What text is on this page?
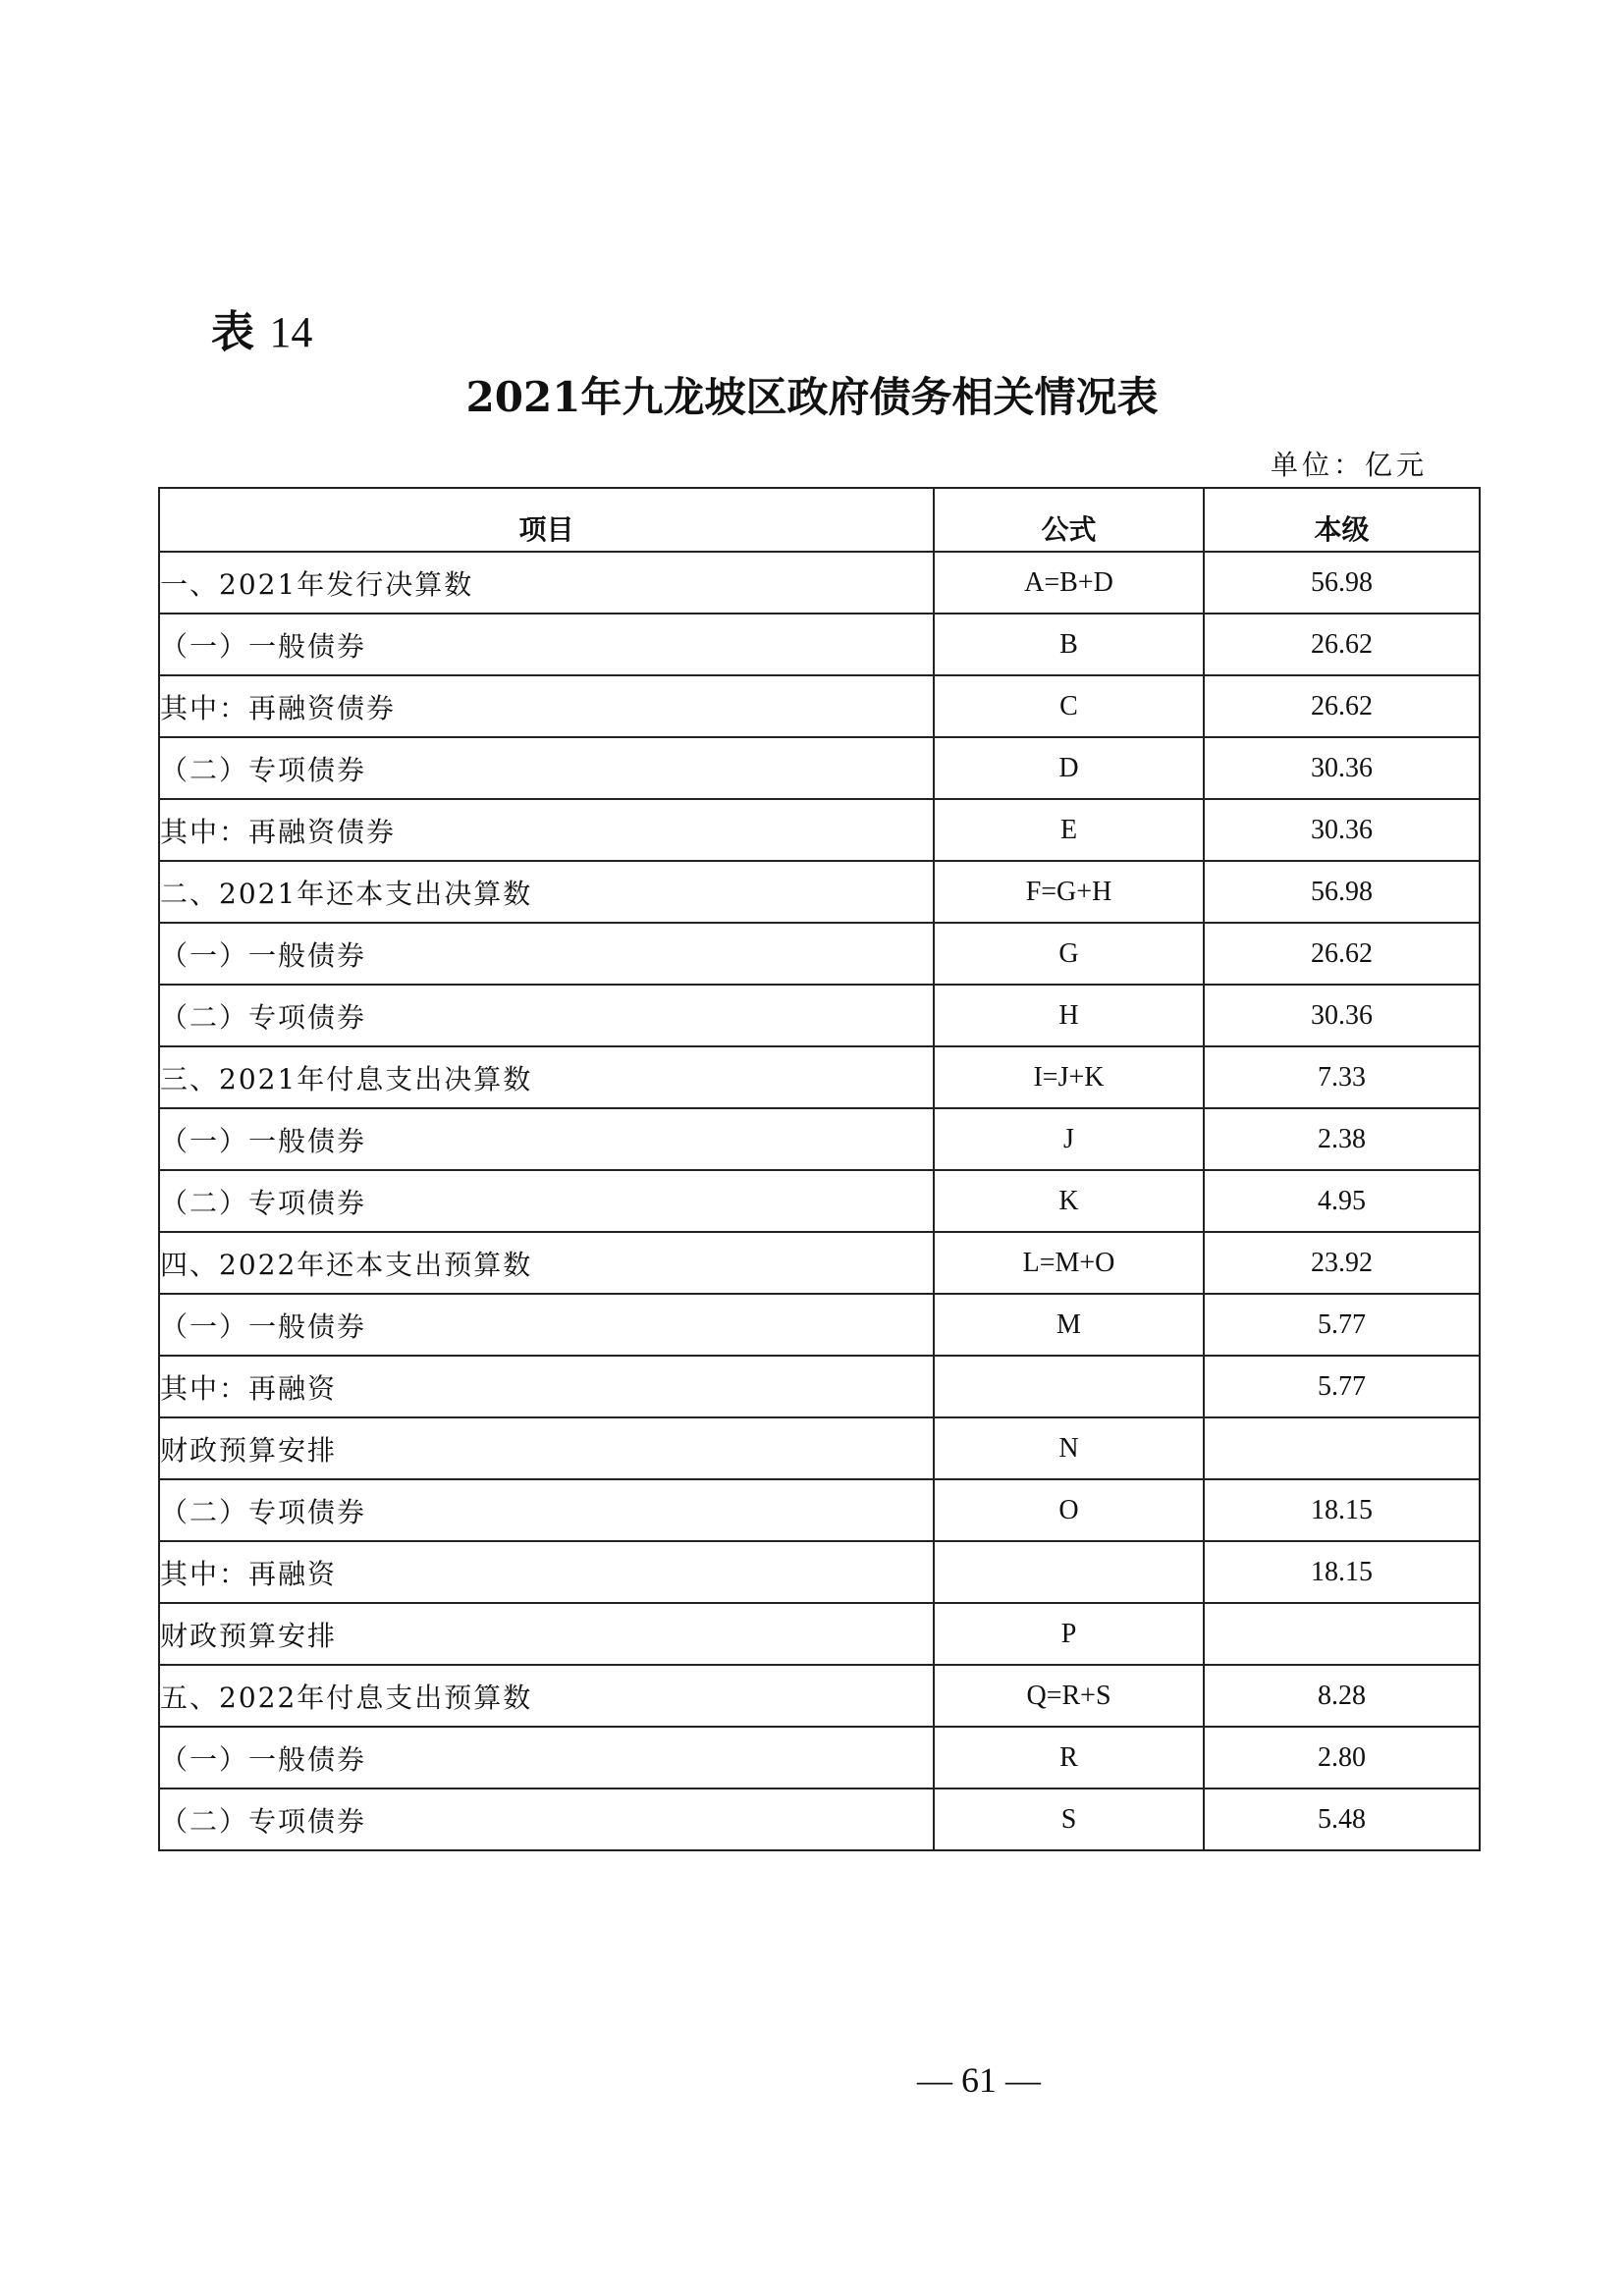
表 14
2021年九龙坡区政府债务相关情况表
单位：亿元
项目	公式	本级
一、2021年发行决算数	A=B+D	56.98
（一）一般债券	B	26.62
其中：再融资债券	C	26.62
（二）专项债券	D	30.36
其中：再融资债券	E	30.36
二、2021年还本支出决算数	F=G+H	56.98
（一）一般债券	G	26.62
（二）专项债券	H	30.36
三、2021年付息支出决算数	I=J+K	7.33
（一）一般债券	J	2.38
（二）专项债券	K	4.95
四、2022年还本支出预算数	L=M+O	23.92
（一）一般债券	M	5.77
其中：再融资		5.77
财政预算安排	N	
（二）专项债券	O	18.15
其中：再融资		18.15
财政预算安排	P	
五、2022年付息支出预算数	Q=R+S	8.28
（一）一般债券	R	2.80
（二）专项债券	S	5.48
— 61 —
